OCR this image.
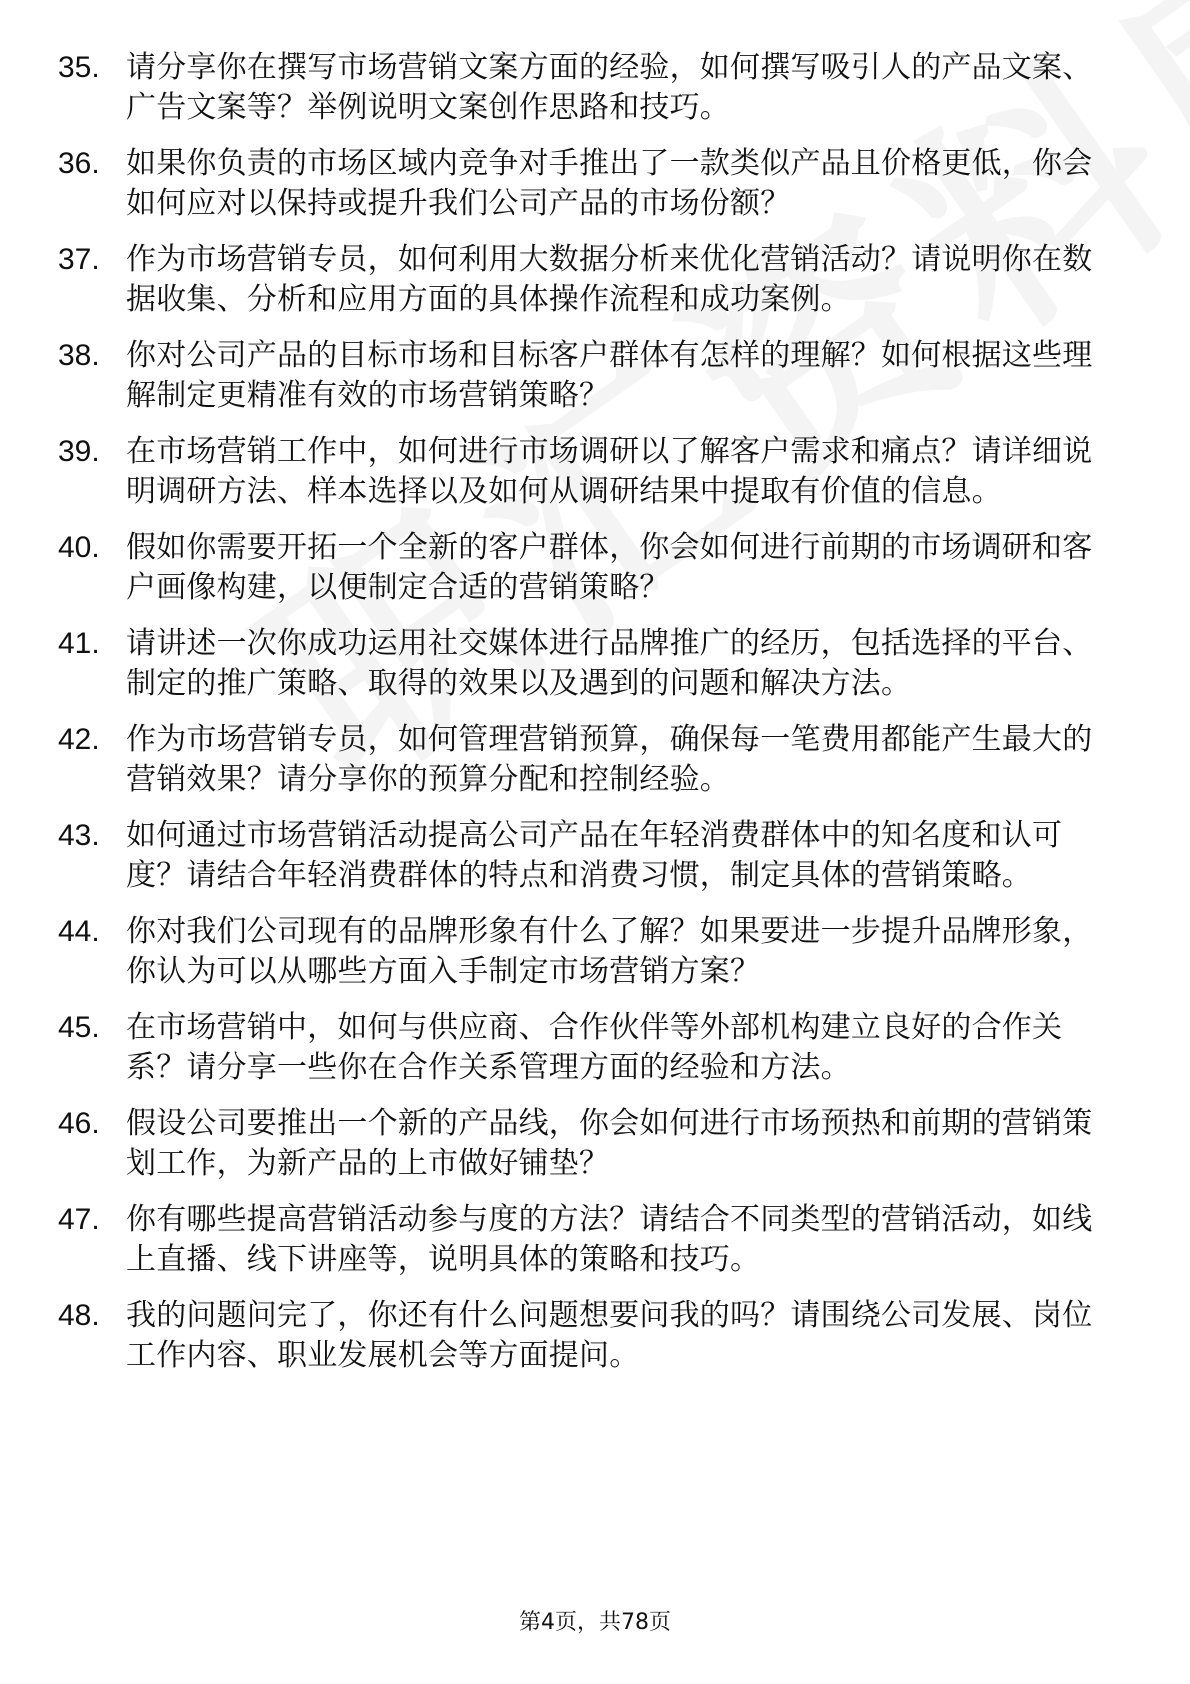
35. 请分享你在撰写市场营销文案方面的经验，如何撰写吸引人的产品文案、广告文案等？举例说明文案创作思路和技巧。
36. 如果你负责的市场区域内竞争对手推出了一款类似产品且价格更低，你会如何应对以保持或提升我们公司产品的市场份额？
37. 作为市场营销专员，如何利用大数据分析来优化营销活动？请说明你在数据收集、分析和应用方面的具体操作流程和成功案例。
38. 你对公司产品的目标市场和目标客户群体有怎样的理解？如何根据这些理解制定更精准有效的市场营销策略？
39. 在市场营销工作中，如何进行市场调研以了解客户需求和痛点？请详细说明调研方法、样本选择以及如何从调研结果中提取有价值的信息。
40. 假如你需要开拓一个全新的客户群体，你会如何进行前期的市场调研和客户画像构建，以便制定合适的营销策略？
41. 请讲述一次你成功运用社交媒体进行品牌推广的经历，包括选择的平台、制定的推广策略、取得的效果以及遇到的问题和解决方法。
42. 作为市场营销专员，如何管理营销预算，确保每一笔费用都能产生最大的营销效果？请分享你的预算分配和控制经验。
43. 如何通过市场营销活动提高公司产品在年轻消费群体中的知名度和认可度？请结合年轻消费群体的特点和消费习惯，制定具体的营销策略。
44. 你对我们公司现有的品牌形象有什么了解？如果要进一步提升品牌形象，你认为可以从哪些方面入手制定市场营销方案？
45. 在市场营销中，如何与供应商、合作伙伴等外部机构建立良好的合作关系？请分享一些你在合作关系管理方面的经验和方法。
46. 假设公司要推出一个新的产品线，你会如何进行市场预热和前期的营销策划工作，为新产品的上市做好铺垫？
47. 你有哪些提高营销活动参与度的方法？请结合不同类型的营销活动，如线上直播、线下讲座等，说明具体的策略和技巧。
48. 我的问题问完了，你还有什么问题想要问我的吗？请围绕公司发展、岗位工作内容、职业发展机会等方面提问。
第4页，共78页
